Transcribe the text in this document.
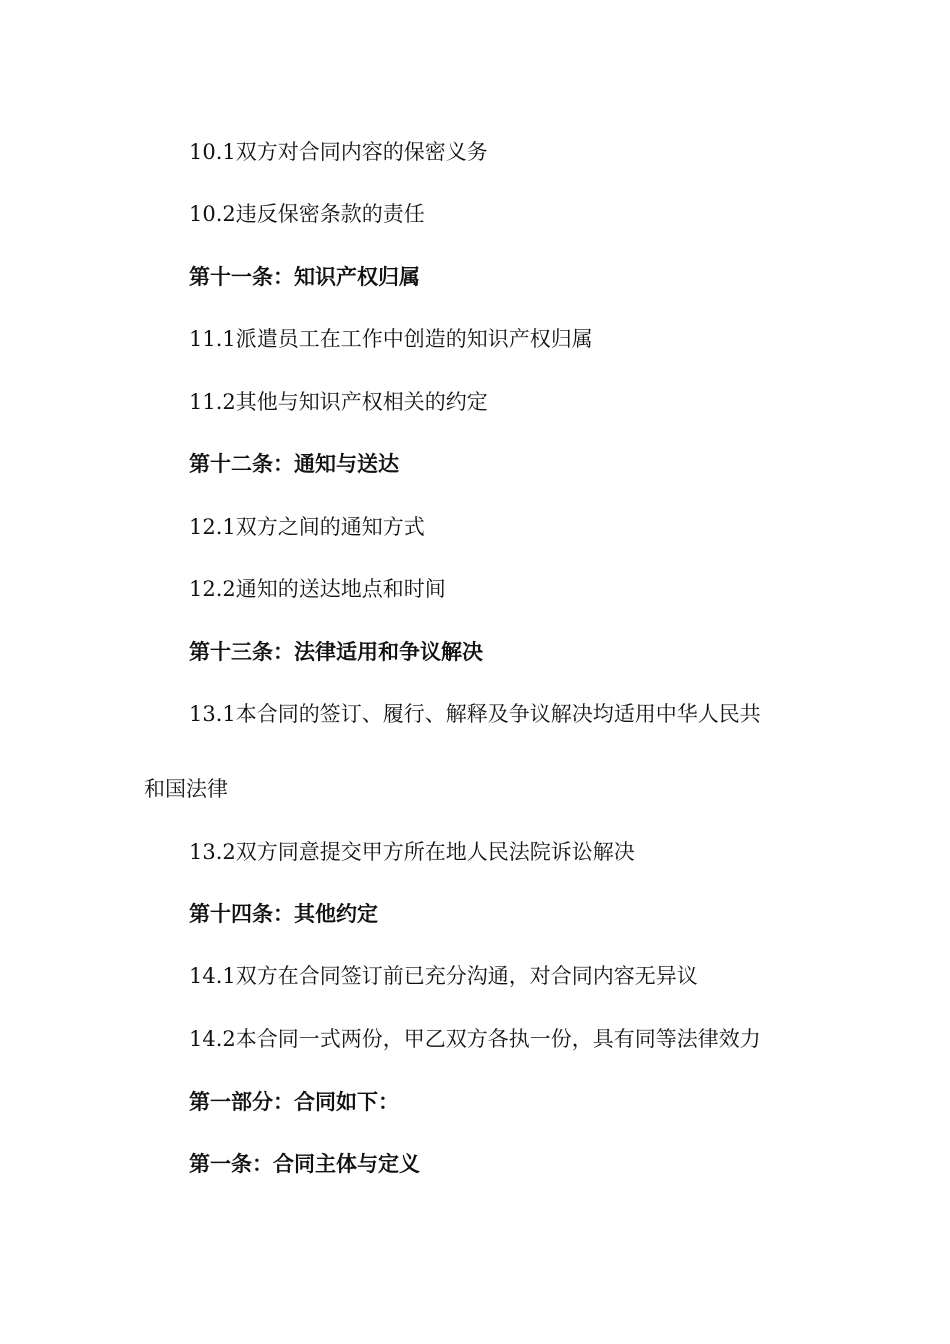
10.1双方对合同内容的保密义务
10.2违反保密条款的责任
第十一条：知识产权归属
11.1派遣员工在工作中创造的知识产权归属
11.2其他与知识产权相关的约定
第十二条：通知与送达
12.1双方之间的通知方式
12.2通知的送达地点和时间
第十三条：法律适用和争议解决
13.1本合同的签订、履行、解释及争议解决均适用中华人民共
和国法律
13.2双方同意提交甲方所在地人民法院诉讼解决
第十四条：其他约定
14.1双方在合同签订前已充分沟通，对合同内容无异议
14.2本合同一式两份，甲乙双方各执一份，具有同等法律效力
第一部分：合同如下：
第一条：合同主体与定义
